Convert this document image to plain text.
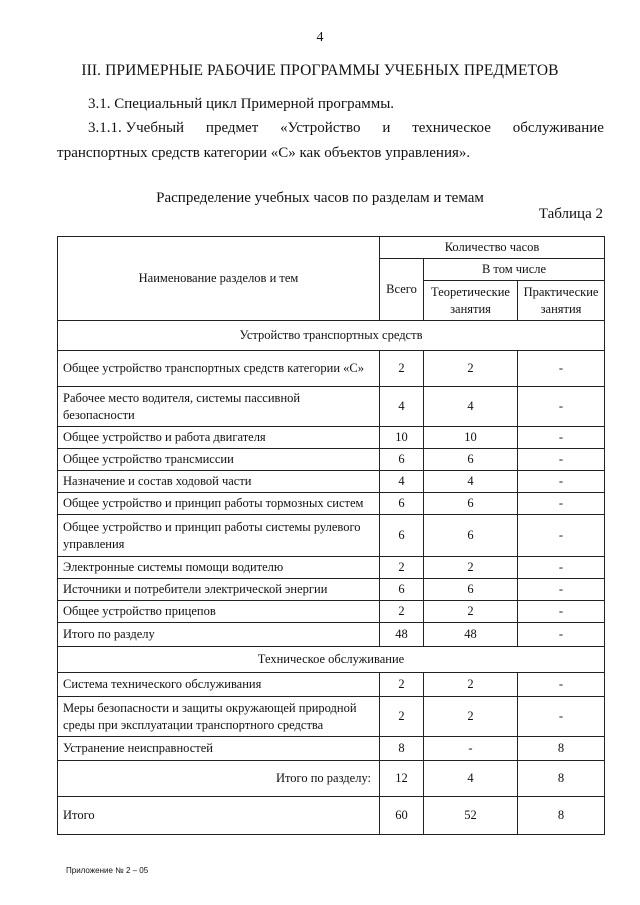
4
III. ПРИМЕРНЫЕ РАБОЧИЕ ПРОГРАММЫ УЧЕБНЫХ ПРЕДМЕТОВ
3.1. Специальный цикл Примерной программы.
3.1.1. Учебный предмет «Устройство и техническое обслуживание
транспортных средств категории «С» как объектов управления».
Распределение учебных часов по разделам и темам
Таблица 2
Наименование разделов и тем	Количество часов		
	Всего	В том числе	
		Теоретические занятия	Практические занятия
Устройство транспортных средств			
Общее устройство транспортных средств категории «С»	2	2	-
Рабочее место водителя, системы пассивной безопасности	4	4	-
Общее устройство и работа двигателя	10	10	-
Общее устройство трансмиссии	6	6	-
Назначение и состав ходовой части	4	4	-
Общее устройство и принцип работы тормозных систем	6	6	-
Общее устройство и принцип работы системы рулевого управления	6	6	-
Электронные системы помощи водителю	2	2	-
Источники и потребители электрической энергии	6	6	-
Общее устройство прицепов	2	2	-
Итого по разделу	48	48	-
Техническое обслуживание			
Система технического обслуживания	2	2	-
Меры безопасности и защиты окружающей природной среды при эксплуатации транспортного средства	2	2	-
Устранение неисправностей	8	-	8
Итого по разделу:	12	4	8
Итого	60	52	8
Приложение № 2 – 05
